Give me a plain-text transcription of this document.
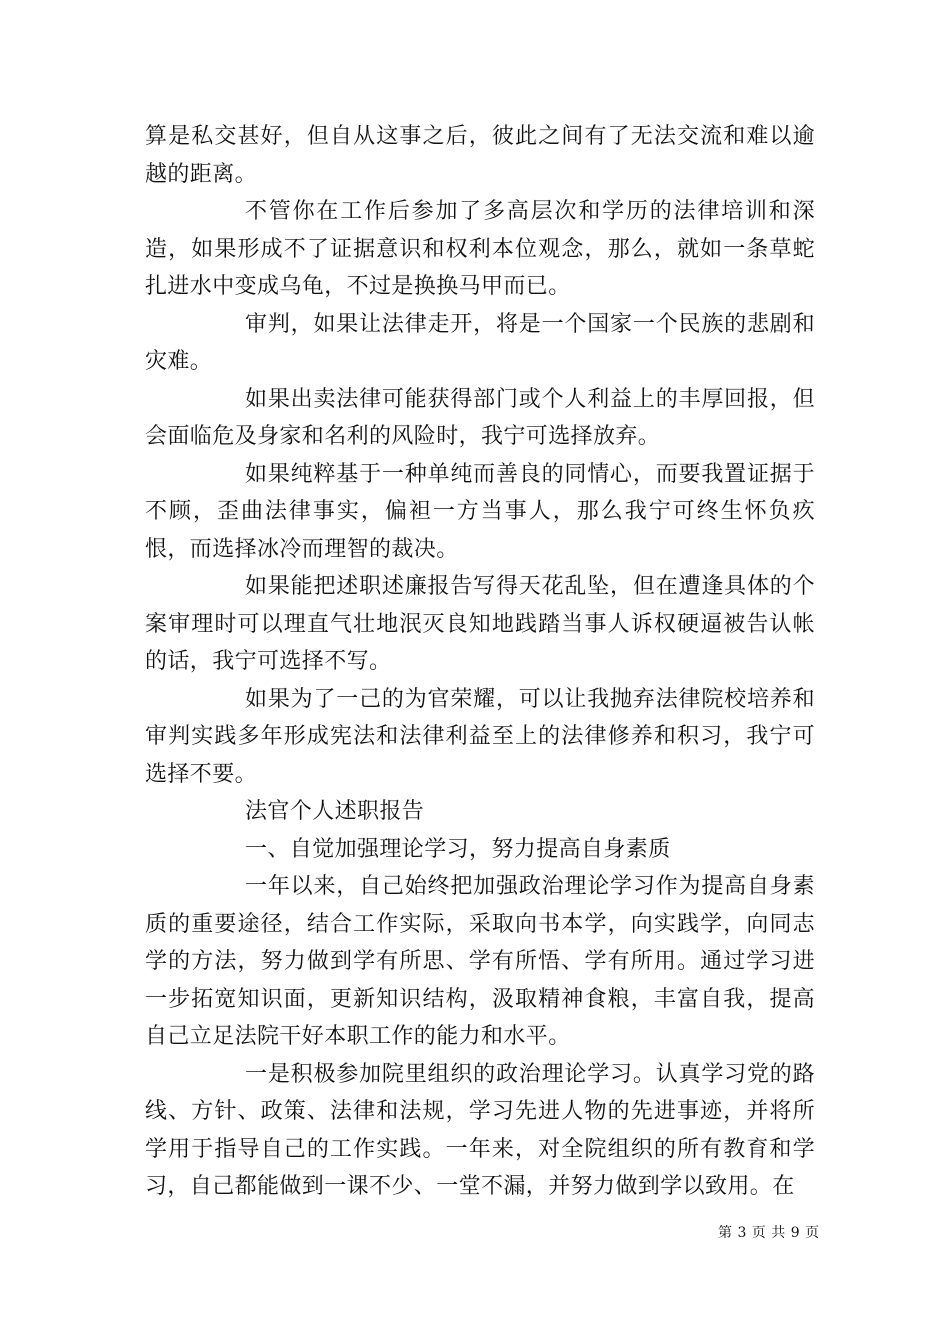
算是私交甚好，但自从这事之后，彼此之间有了无法交流和难以逾越的距离。

不管你在工作后参加了多高层次和学历的法律培训和深造，如果形成不了证据意识和权利本位观念，那么，就如一条草蛇扎进水中变成乌龟，不过是换换马甲而已。

审判，如果让法律走开，将是一个国家一个民族的悲剧和灾难。

如果出卖法律可能获得部门或个人利益上的丰厚回报，但会面临危及身家和名利的风险时，我宁可选择放弃。

如果纯粹基于一种单纯而善良的同情心，而要我置证据于不顾，歪曲法律事实，偏袒一方当事人，那么我宁可终生怀负疚恨，而选择冰冷而理智的裁决。

如果能把述职述廉报告写得天花乱坠，但在遭逢具体的个案审理时可以理直气壮地泯灭良知地践踏当事人诉权硬逼被告认帐的话，我宁可选择不写。

如果为了一己的为官荣耀，可以让我抛弃法律院校培养和审判实践多年形成宪法和法律利益至上的法律修养和积习，我宁可选择不要。

法官个人述职报告

一、自觉加强理论学习，努力提高自身素质

一年以来，自己始终把加强政治理论学习作为提高自身素质的重要途径，结合工作实际，采取向书本学，向实践学，向同志学的方法，努力做到学有所思、学有所悟、学有所用。通过学习进一步拓宽知识面，更新知识结构，汲取精神食粮，丰富自我，提高自己立足法院干好本职工作的能力和水平。

一是积极参加院里组织的政治理论学习。认真学习党的路线、方针、政策、法律和法规，学习先进人物的先进事迹，并将所学用于指导自己的工作实践。一年来，对全院组织的所有教育和学习，自己都能做到一课不少、一堂不漏，并努力做到学以致用。在

第 3 页 共 9 页
